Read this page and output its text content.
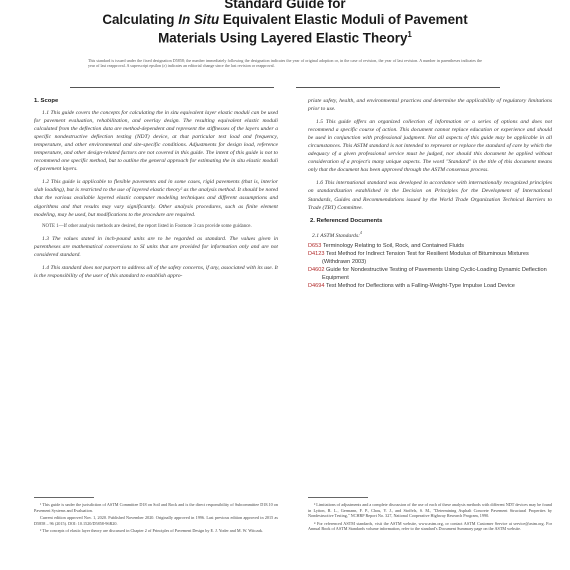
Standard Guide for
Calculating In Situ Equivalent Elastic Moduli of Pavement
Materials Using Layered Elastic Theory$^1$
This standard is issued under the fixed designation D5858; the number immediately following the designation indicates the year of original adoption or, in the case of revision, the year of last revision. A number in parentheses indicates the year of last reapproval. A superscript epsilon (ε) indicates an editorial change since the last revision or reapproval.
1. Scope

1.1 This guide covers the concepts for calculating the in situ equivalent layer elastic moduli can be used for pavement evaluation, rehabilitation, and overlay design. The resulting equivalent elastic moduli calculated from the deflection data are method-dependent and represent the stiffnesses of the layers under a specific nondestructive deflection testing (NDT) device, at that particular test load and frequency, temperature, and other environmental and site-specific conditions. Adjustments for design load, reference temperature, and other design-related factors are not covered in this guide. The intent of this guide is not to recommend one specific method, but to outline the general approach for estimating the in situ elastic moduli of pavement layers.

1.2 This guide is applicable to flexible pavements and in some cases, rigid pavements (that is, interior slab loading), but is restricted to the use of layered elastic theory² as the analysis method. It should be noted that the various available layered elastic computer modeling techniques and different assumptions and algorithms and that results may vary significantly. Other analysis procedures, such as finite element modeling, may be used, but modifications to the procedure are required.

NOTE 1—If other analysis methods are desired, the report listed in Footnote 3 can provide some guidance.

1.3 The values stated in inch-pound units are to be regarded as standard. The values given in parentheses are mathematical conversions to SI units that are provided for information only and are not considered standard.

1.4 This standard does not purport to address all of the safety concerns, if any, associated with its use. It is the responsibility of the user of this standard to establish appro-

priate safety, health, and environmental practices and determine the applicability of regulatory limitations prior to use.

1.5 This guide offers an organized collection of information or a series of options and does not recommend a specific course of action. This document cannot replace education or experience and should be used in conjunction with professional judgment. Not all aspects of this guide may be applicable in all circumstances. This ASTM standard is not intended to represent or replace the standard of care by which the adequacy of a given professional service must be judged, nor should this document be applied without consideration of a project's many unique aspects. The word "Standard" in the title of this document means only that the document has been approved through the ASTM consensus process.

1.6 This international standard was developed in accordance with internationally recognized principles on standardization established in the Decision on Principles for the Development of International Standards, Guides and Recommendations issued by the World Trade Organization Technical Barriers to Trade (TBT) Committee.

2. Referenced Documents
2.1 ASTM Standards:$^4$
D653 Terminology Relating to Soil, Rock, and Contained Fluids
D4123 Test Method for Indirect Tension Test for Resilient Modulus of Bituminous Mixtures (Withdrawn 2003)
D4602 Guide for Nondestructive Testing of Pavements Using Cyclic-Loading Dynamic Deflection Equipment
D4694 Test Method for Deflections with a Falling-Weight-Type Impulse Load Device

¹ This guide is under the jurisdiction of ASTM Committee D18 on Soil and Rock and is the direct responsibility of Subcommittee D18.10 on Pavement Systems and Evaluation.

Current edition approved Nov. 1, 2020. Published November 2020. Originally approved in 1996. Last previous edition approved in 2015 as D5858 – 96 (2015). DOI: 10.1520/D5858-96R20.

² The concepts of elastic layer theory are discussed in Chapter 2 of Principles of Pavement Design by E. J. Yoder and M. W. Witczak.

³ Limitations of adjustments and a complete discussion of the use of each of these analysis methods with different NDT devices may be found in Lytton, R. L., Germann, F. P., Chou, Y. J., and Stoffels, S. M., "Determining Asphalt Concrete Pavement Structural Properties by Nondestructive Testing," NCHRP Report No. 327, National Cooperative Highway Research Program, 1990.

⁴ For referenced ASTM standards, visit the ASTM website, www.astm.org, or contact ASTM Customer Service at service@astm.org. For Annual Book of ASTM Standards volume information, refer to the standard's Document Summary page on the ASTM website.
